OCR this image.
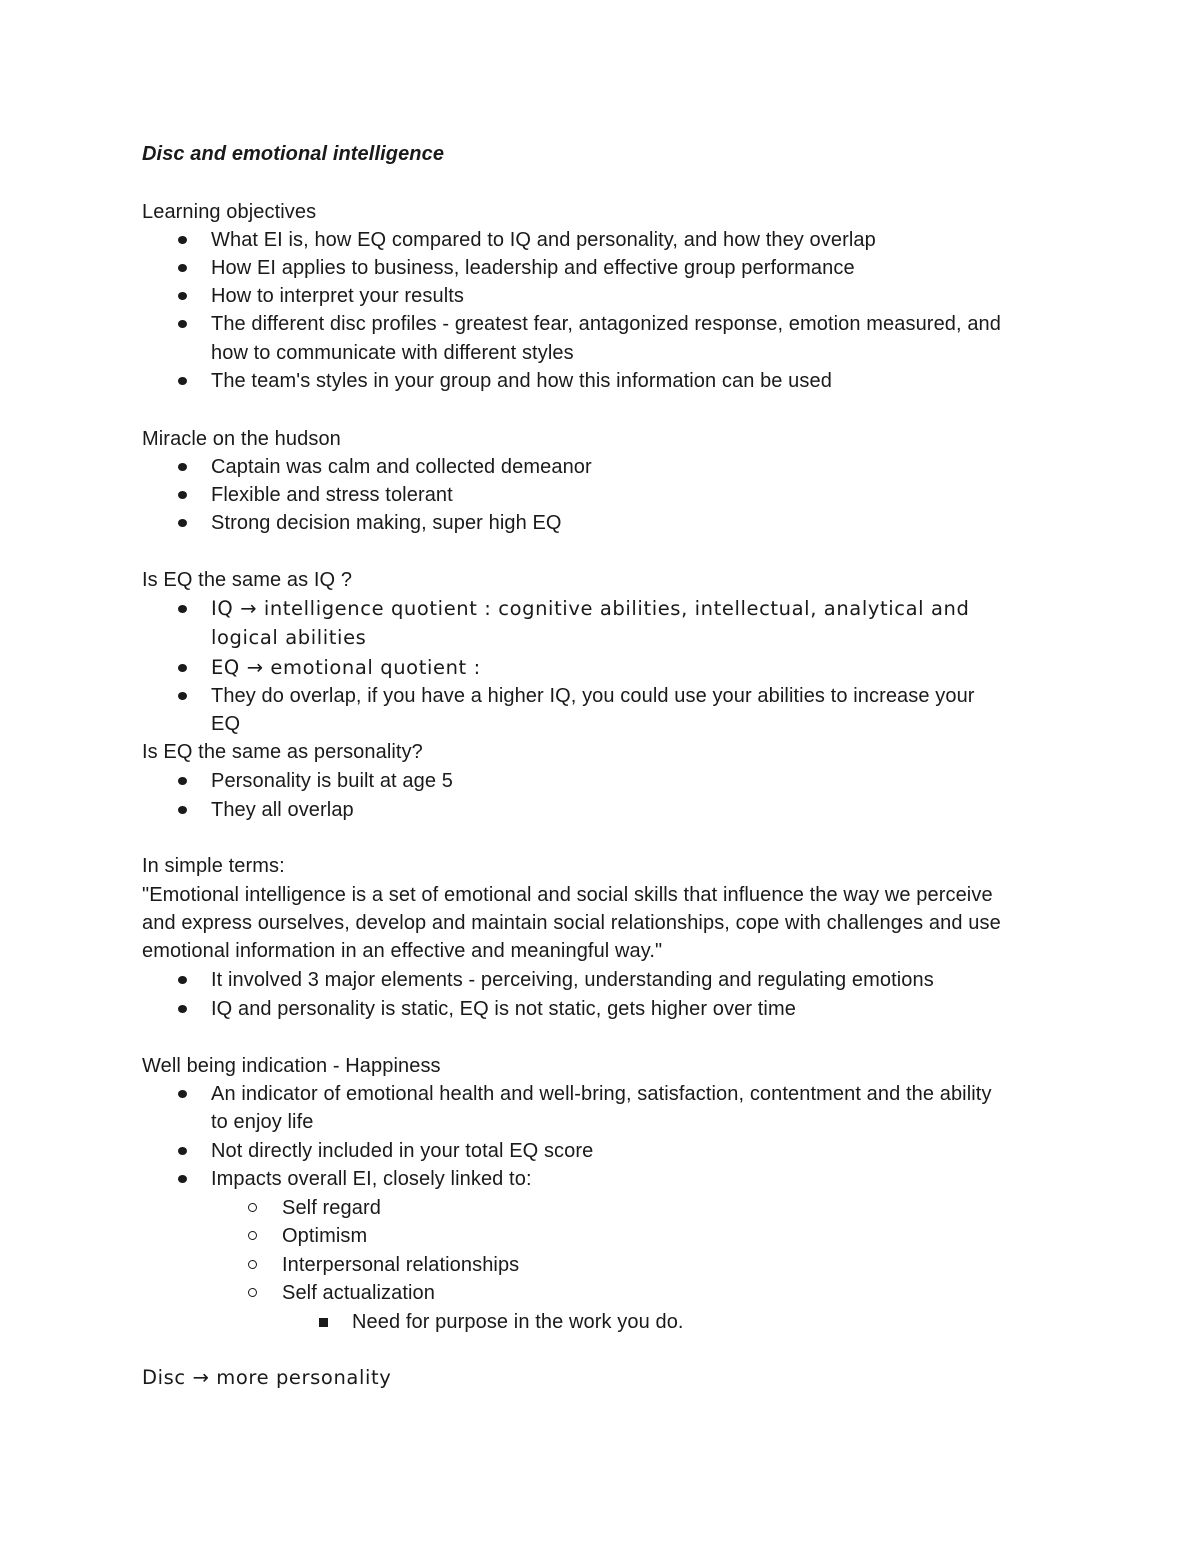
Disc and emotional intelligence
Learning objectives
What EI is, how EQ compared to IQ and personality, and how they overlap
How EI applies to business, leadership and effective group performance
How to interpret your results
The different disc profiles - greatest fear, antagonized response, emotion measured, and
how to communicate with different styles
The team's styles in your group and how this information can be used
Miracle on the hudson
Captain was calm and collected demeanor
Flexible and stress tolerant
Strong decision making, super high EQ
Is EQ the same as IQ ?
IQ → intelligence quotient : cognitive abilities, intellectual, analytical and
logical abilities
EQ → emotional quotient :
They do overlap, if you have a higher IQ, you could use your abilities to increase your
EQ
Is EQ the same as personality?
Personality is built at age 5
They all overlap
In simple terms:
"Emotional intelligence is a set of emotional and social skills that influence the way we perceive
and express ourselves, develop and maintain social relationships, cope with challenges and use
emotional information in an effective and meaningful way."
It involved 3 major elements - perceiving, understanding and regulating emotions
IQ and personality is static, EQ is not static, gets higher over time
Well being indication - Happiness
An indicator of emotional health and well-bring, satisfaction, contentment and the ability
to enjoy life
Not directly included in your total EQ score
Impacts overall EI, closely linked to:
Self regard
Optimism
Interpersonal relationships
Self actualization
Need for purpose in the work you do.
Disc → more personality
